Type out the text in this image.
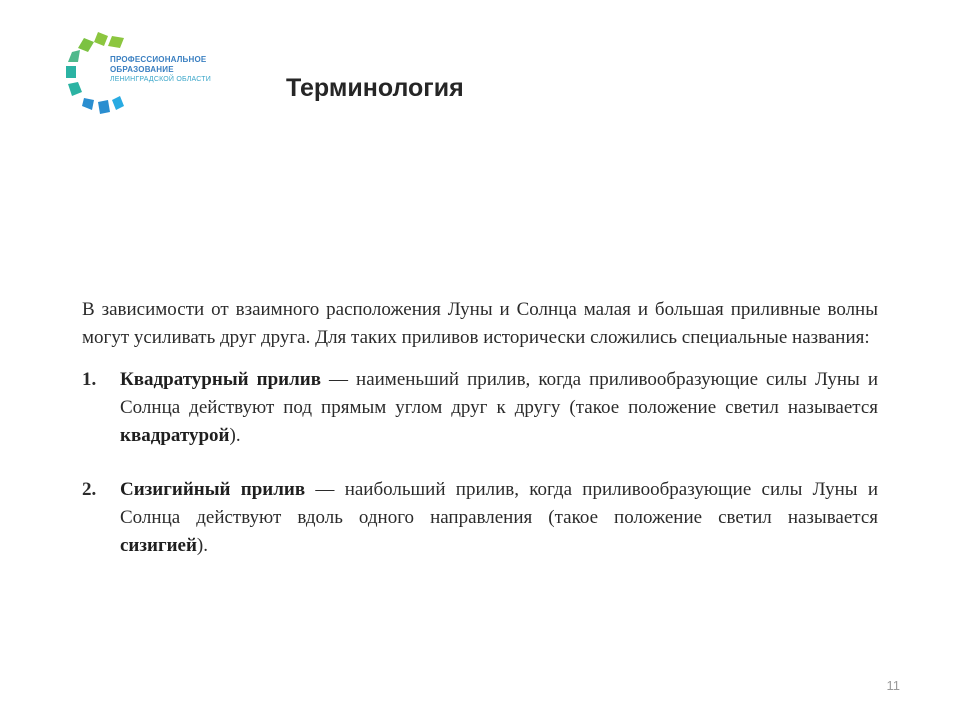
ПРОФЕССИОНАЛЬНОЕ
ОБРАЗОВАНИЕ
ЛЕНИНГРАДСКОЙ ОБЛАСТИ	Терминология

В зависимости от взаимного расположения Луны и Солнца малая и большая приливные волны могут усиливать друг друга. Для таких приливов исторически сложились специальные названия:

1.	Квадратурный прилив — наименьший прилив, когда приливообразующие силы Луны и Солнца действуют под прямым углом друг к другу (такое положение светил называется квадратурой).
2.	Сизигийный прилив — наибольший прилив, когда приливообразующие силы Луны и Солнца действуют вдоль одного направления (такое положение светил называется сизигией).
11
